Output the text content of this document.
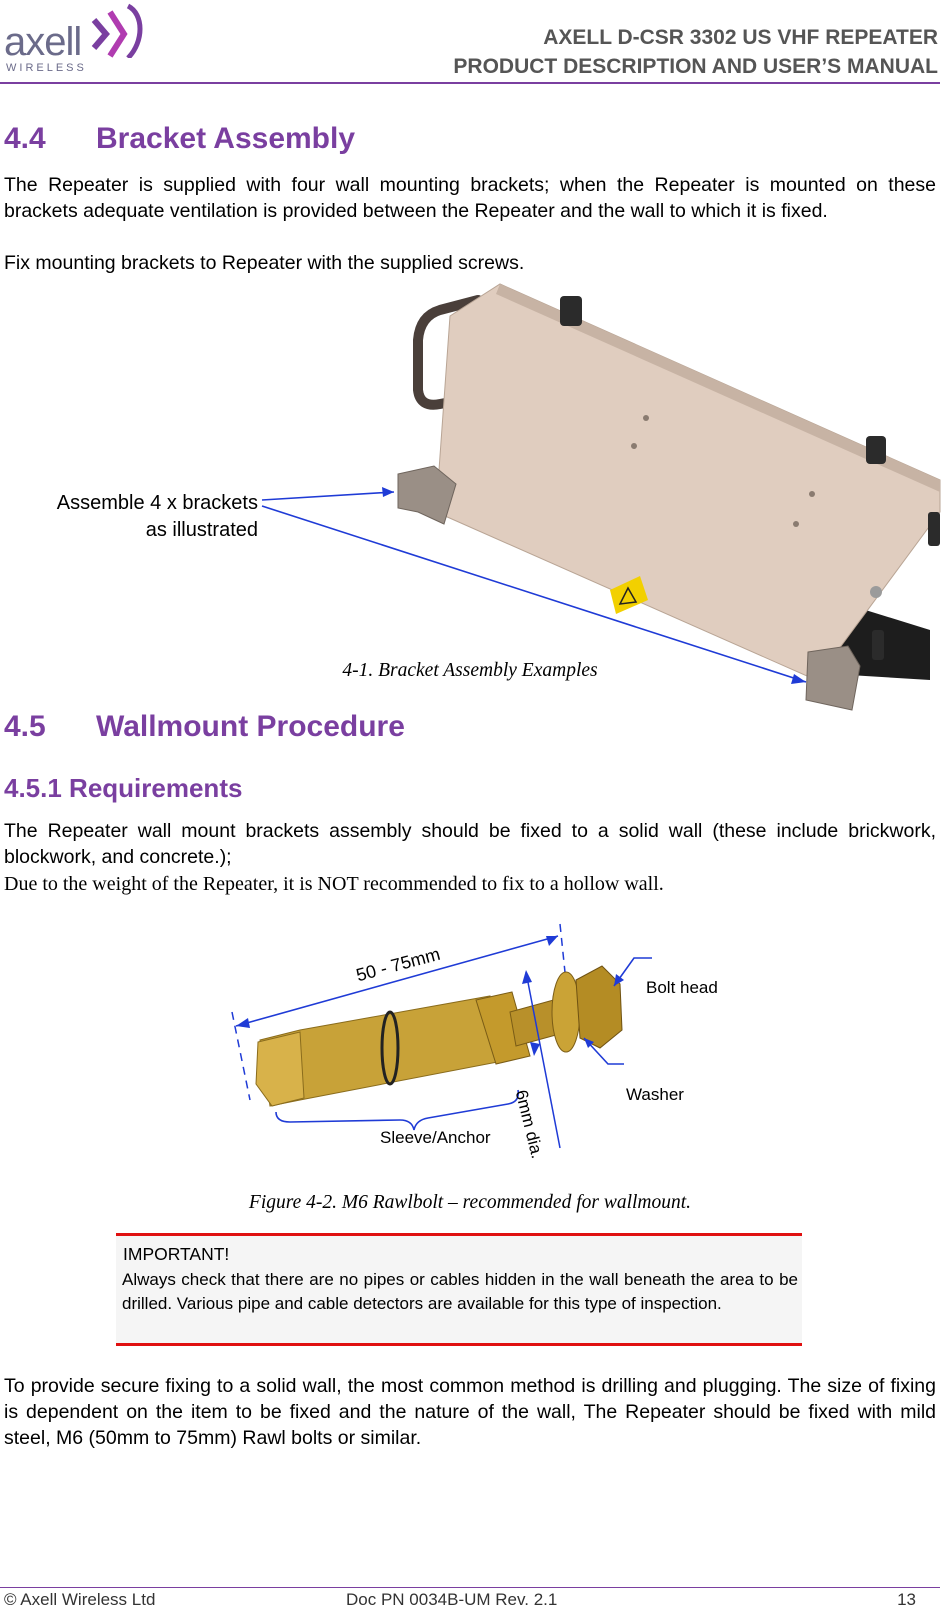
axell
WIRELESS
AXELL D-CSR 3302 US VHF REPEATER
PRODUCT DESCRIPTION AND USER’S MANUAL
4.4 Bracket Assembly
The Repeater is supplied with four wall mounting brackets; when the Repeater is mounted on these brackets adequate ventilation is provided between the Repeater and the wall to which it is fixed.
Fix mounting brackets to Repeater with the supplied screws.
Assemble 4 x brackets
as illustrated
4-1. Bracket Assembly Examples
4.5 Wallmount Procedure
4.5.1 Requirements
The Repeater wall mount brackets assembly should be fixed to a solid wall (these include brickwork, blockwork, and concrete.);
Due to the weight of the Repeater, it is NOT recommended to fix to a hollow wall.
50 - 75mm
Bolt head
Washer
Sleeve/Anchor 6mm dia.
Figure 4-2. M6 Rawlbolt – recommended for wallmount.
IMPORTANT!
Always check that there are no pipes or cables hidden in the wall beneath the area to be drilled. Various pipe and cable detectors are available for this type of inspection.
To provide secure fixing to a solid wall, the most common method is drilling and plugging. The size of fixing is dependent on the item to be fixed and the nature of the wall, The Repeater should be fixed with mild steel, M6 (50mm to 75mm) Rawl bolts or similar.
© Axell Wireless Ltd	Doc PN 0034B-UM Rev. 2.1	13
